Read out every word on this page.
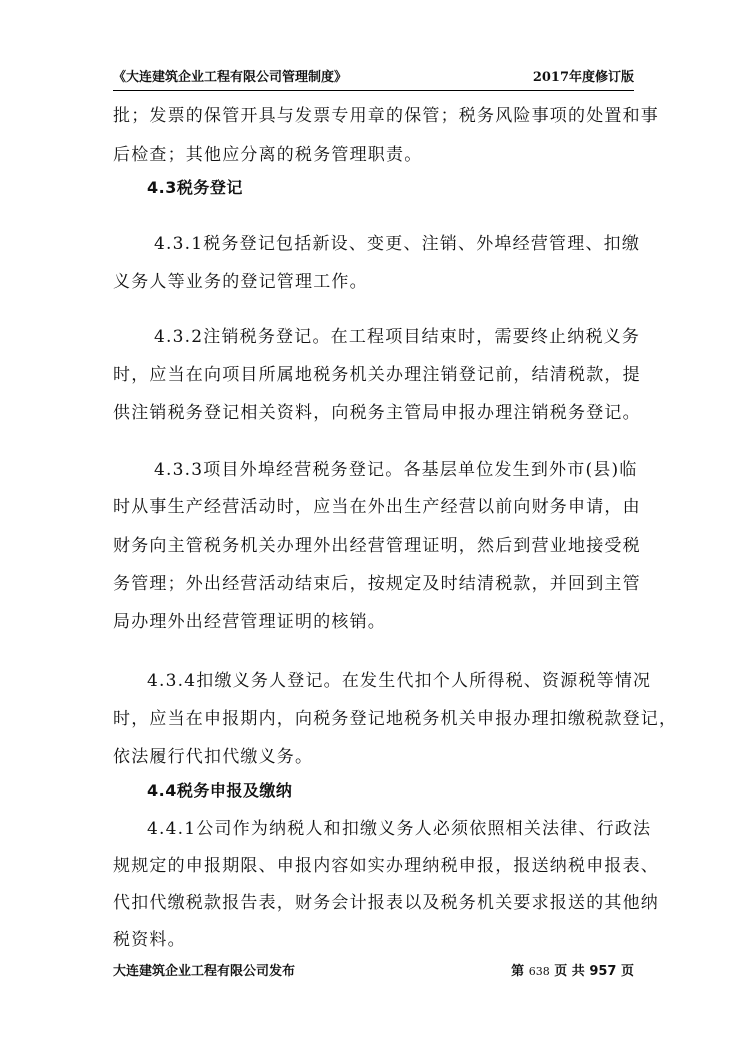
《大连建筑企业工程有限公司管理制度》	2017年度修订版
批；发票的保管开具与发票专用章的保管；税务风险事项的处置和事
后检查；其他应分离的税务管理职责。
4.3税务登记
4.3.1税务登记包括新设、变更、注销、外埠经营管理、扣缴
义务人等业务的登记管理工作。
4.3.2注销税务登记。在工程项目结束时，需要终止纳税义务
时，应当在向项目所属地税务机关办理注销登记前，结清税款，提
供注销税务登记相关资料，向税务主管局申报办理注销税务登记。
4.3.3项目外埠经营税务登记。各基层单位发生到外市(县)临
时从事生产经营活动时，应当在外出生产经营以前向财务申请，由
财务向主管税务机关办理外出经营管理证明，然后到营业地接受税
务管理；外出经营活动结束后，按规定及时结清税款，并回到主管
局办理外出经营管理证明的核销。
4.3.4扣缴义务人登记。在发生代扣个人所得税、资源税等情况
时，应当在申报期内，向税务登记地税务机关申报办理扣缴税款登记，
依法履行代扣代缴义务。
4.4税务申报及缴纳
4.4.1公司作为纳税人和扣缴义务人必须依照相关法律、行政法
规规定的申报期限、申报内容如实办理纳税申报，报送纳税申报表、
代扣代缴税款报告表，财务会计报表以及税务机关要求报送的其他纳
税资料。
大连建筑企业工程有限公司发布	第 638 页 共 957 页
